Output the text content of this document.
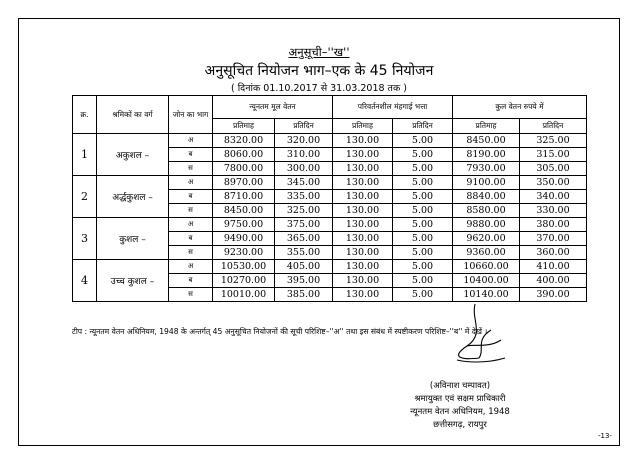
अनुसूची–''ख''
अनुसूचित नियोजन भाग–एक के 45 नियोजन
( दिनांक 01.10.2017 से 31.03.2018 तक )
क्र.	श्रमिकों का वर्ग	जोन का भाग	न्यूनतम मूल वेतन		परिवर्तनशील मंहगाई भत्ता		कुल वेतन रुपये में	
			प्रतिमाह	प्रतिदिन	प्रतिमाह	प्रतिदिन	प्रतिमाह	प्रतिदिन
1	अकुशल –	अ	8320.00	320.00	130.00	5.00	8450.00	325.00
		ब	8060.00	310.00	130.00	5.00	8190.00	315.00
		स	7800.00	300.00	130.00	5.00	7930.00	305.00
2	अर्द्धकुशल –	अ	8970.00	345.00	130.00	5.00	9100.00	350.00
		ब	8710.00	335.00	130.00	5.00	8840.00	340.00
		स	8450.00	325.00	130.00	5.00	8580.00	330.00
3	कुशल –	अ	9750.00	375.00	130.00	5.00	9880.00	380.00
		ब	9490.00	365.00	130.00	5.00	9620.00	370.00
		स	9230.00	355.00	130.00	5.00	9360.00	360.00
4	उच्च कुशल –	अ	10530.00	405.00	130.00	5.00	10660.00	410.00
		ब	10270.00	395.00	130.00	5.00	10400.00	400.00
		स	10010.00	385.00	130.00	5.00	10140.00	390.00
टीप : न्यूनतम वेतन अधिनियम, 1948 के अन्तर्गत् 45 अनुसूचित नियोजनों की सूची परिशिष्ट–''अ'' तथा इस संबंध में स्पष्टीकरण परिशिष्ट–''ब'' में देखें ।
(अविनाश चम्पावत)
श्रमायुक्त एवं सक्षम प्राधिकारी
न्यूनतम वेतन अधिनियम, 1948
छत्तीसगढ़, रायपुर
-13-
